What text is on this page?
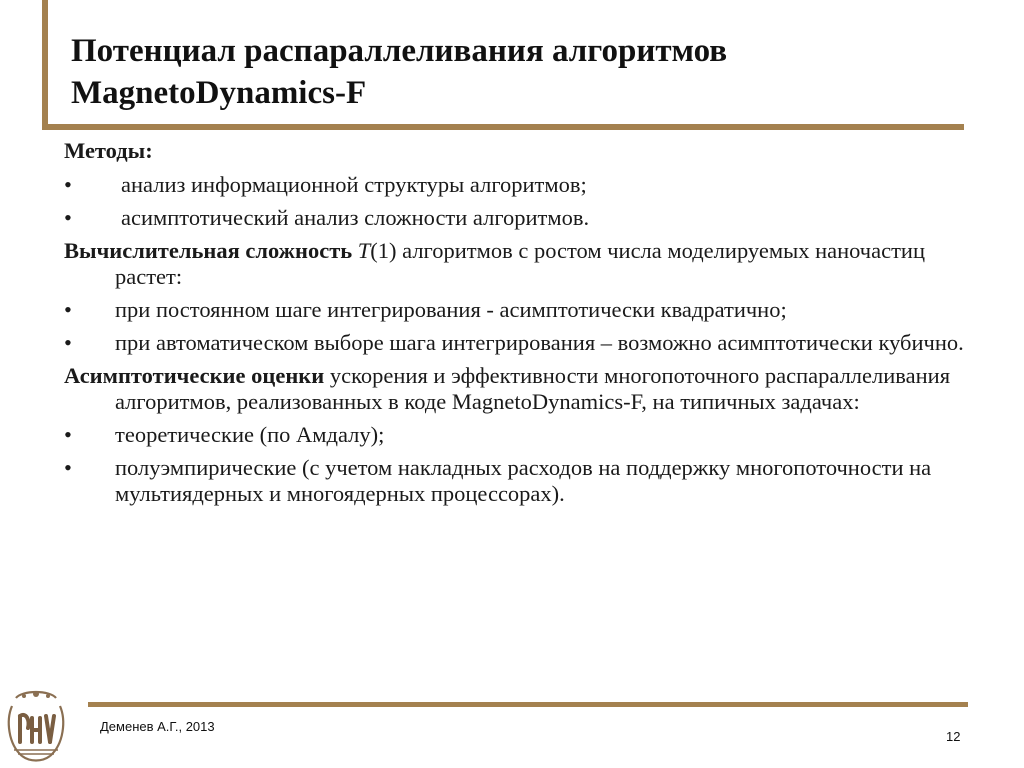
Потенциал распараллеливания алгоритмов
MagnetoDynamics-F
Методы:
• анализ информационной структуры алгоритмов;
• асимптотический анализ сложности алгоритмов.

Вычислительная сложность T(1) алгоритмов с ростом числа моделируемых наночастиц растет:

• при постоянном шаге интегрирования - асимптотически квадратично;
• при автоматическом выборе шага интегрирования – возможно асимптотически кубично.

Асимптотические оценки ускорения и эффективности многопоточного распараллеливания алгоритмов, реализованных в коде MagnetoDynamics-F, на типичных задачах:

• теоретические (по Амдалу);
• полуэмпирические (с учетом накладных расходов на поддержку многопоточности на мультиядерных и многоядерных процессорах).
Деменев А.Г., 2013
12
